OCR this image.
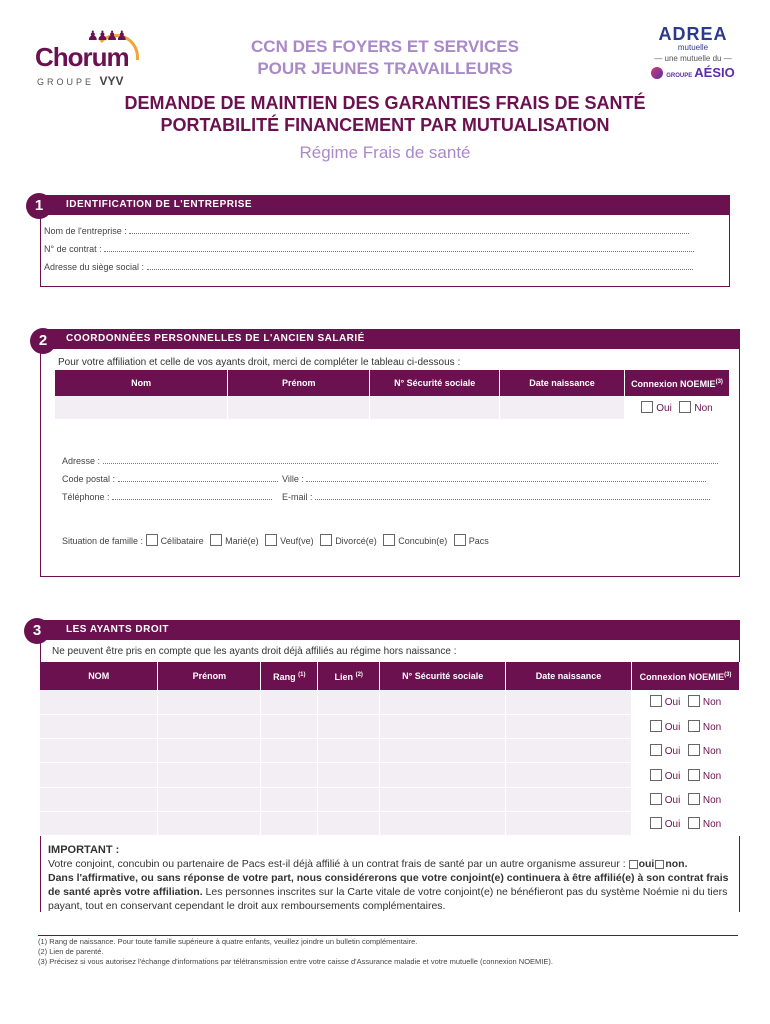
♟♟♟♟
Chorum
GROUPE VYV
CCN DES FOYERS ET SERVICES
POUR JEUNES TRAVAILLEURS
ADREA
mutuelle
— une mutuelle du —
GROUPE AÉSIO
DEMANDE DE MAINTIEN DES GARANTIES FRAIS DE SANTÉ
PORTABILITÉ FINANCEMENT PAR MUTUALISATION
Régime Frais de santé
IDENTIFICATION DE L'ENTREPRISE
1
Nom de l'entreprise :
N° de contrat :
Adresse du siège social :
COORDONNÉES PERSONNELLES DE L'ANCIEN SALARIÉ
2
Pour votre affiliation et celle de vos ayants droit, merci de compléter le tableau ci-dessous :
Nom	Prénom	N° Sécurité sociale	Date naissance	Connexion NOEMIE$^{(3)}$
				Oui Non
Adresse :
Code postal :	Ville :
Téléphone :	E-mail :
Situation de famille : Célibataire Marié(e) Veuf(ve) Divorcé(e) Concubin(e) Pacs
LES AYANTS DROIT
3
Ne peuvent être pris en compte que les ayants droit déjà affiliés au régime hors naissance :
NOM	Prénom	Rang $^{(1)}$	Lien $^{(2)}$	N° Sécurité sociale	Date naissance	Connexion NOEMIE$^{(3)}$
						Oui Non
						Oui Non
						Oui Non
						Oui Non
						Oui Non
						Oui Non
IMPORTANT :
Votre conjoint, concubin ou partenaire de Pacs est-il déjà affilié à un contrat frais de santé par un autre organisme assureur : oui non.
Dans l'affirmative, ou sans réponse de votre part, nous considérerons que votre conjoint(e) continuera à être affilié(e) à son contrat frais de santé après votre affiliation. Les personnes inscrites sur la Carte vitale de votre conjoint(e) ne bénéfieront pas du système Noémie ni du tiers payant, tout en conservant cependant le droit aux remboursements complémentaires.
(1) Rang de naissance. Pour toute famille supérieure à quatre enfants, veuillez joindre un bulletin complémentaire.
(2) Lien de parenté.
(3) Précisez si vous autorisez l'échange d'informations par télétransmission entre votre caisse d'Assurance maladie et votre mutuelle (connexion NOEMIE).
